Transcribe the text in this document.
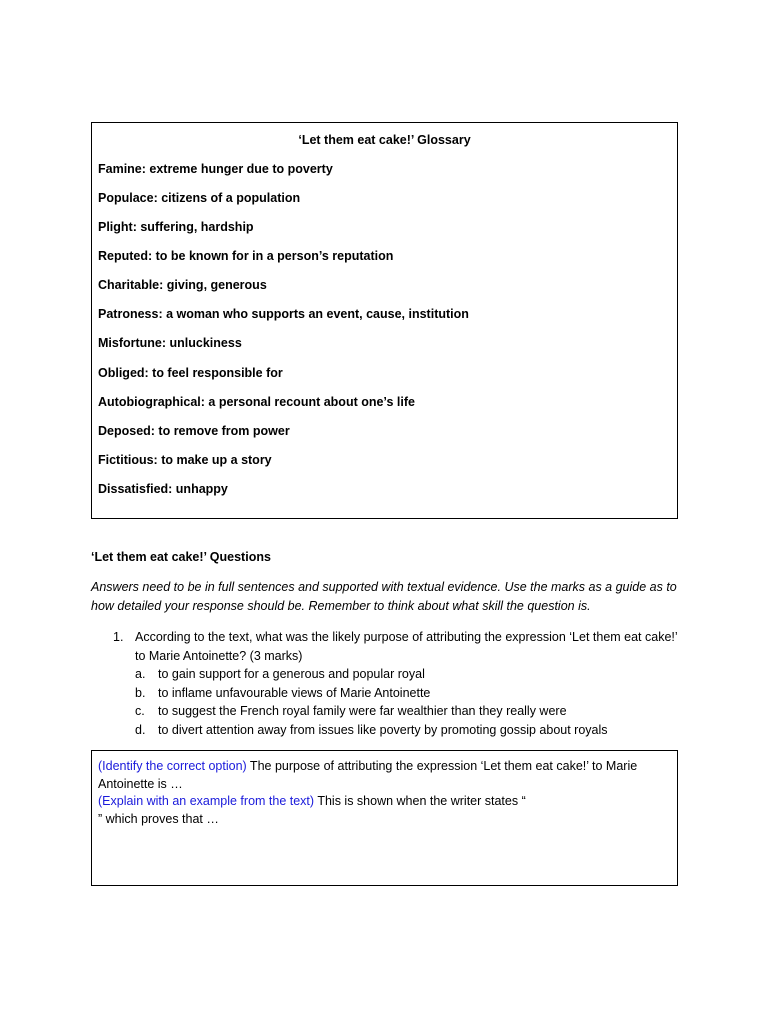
‘Let them eat cake!’ Glossary
Famine: extreme hunger due to poverty
Populace: citizens of a population
Plight: suffering, hardship
Reputed: to be known for in a person’s reputation
Charitable: giving, generous
Patroness: a woman who supports an event, cause, institution
Misfortune: unluckiness
Obliged: to feel responsible for
Autobiographical: a personal recount about one’s life
Deposed: to remove from power
Fictitious: to make up a story
Dissatisfied: unhappy
‘Let them eat cake!’ Questions
Answers need to be in full sentences and supported with textual evidence. Use the marks as a guide as to how detailed your response should be. Remember to think about what skill the question is.
1. According to the text, what was the likely purpose of attributing the expression ‘Let them eat cake!’ to Marie Antoinette? (3 marks)
a. to gain support for a generous and popular royal
b. to inflame unfavourable views of Marie Antoinette
c. to suggest the French royal family were far wealthier than they really were
d. to divert attention away from issues like poverty by promoting gossip about royals
(Identify the correct option) The purpose of attributing the expression ‘Let them eat cake!’ to Marie Antoinette is …
(Explain with an example from the text) This is shown when the writer states “
” which proves that …
